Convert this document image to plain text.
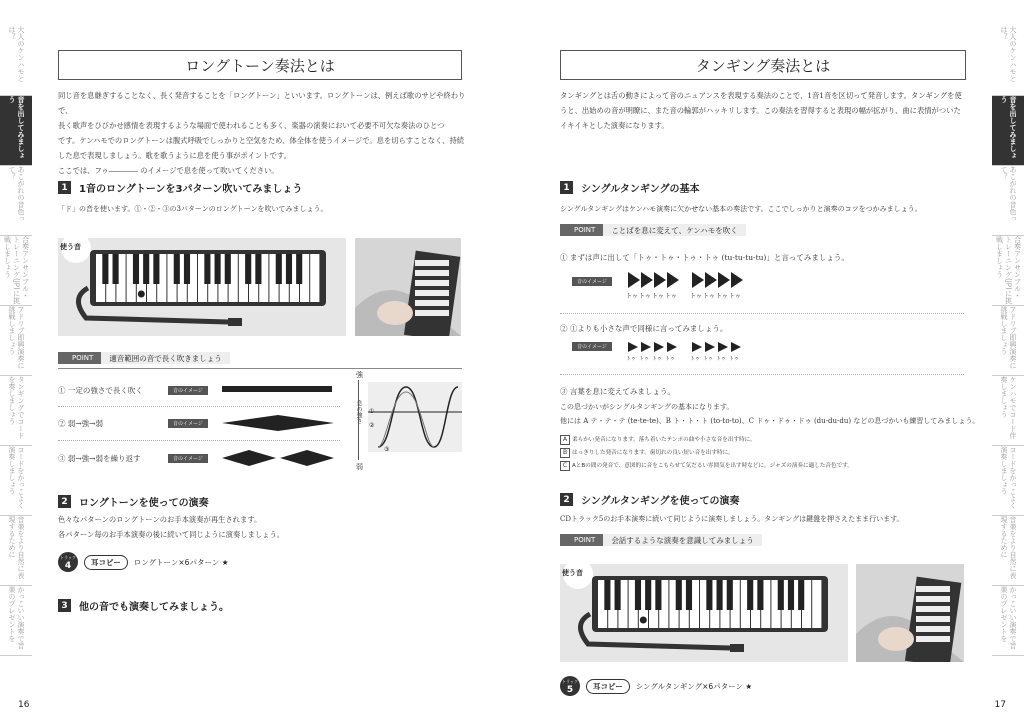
大人のケンハモとは？
音を出してみましょう
あこがれの音色って？
合奏アンサンブル・トレーニング(JP)に挑戦しましょう
アドリブ即興演奏に挑戦しましょう
タンギングでコードを奏しましょう
コードをかっこよく演奏しましょう
音楽をより自然に表現するために
かっこいい演奏で音楽のプレゼントを
大人のケンハモとは？
音を出してみましょう
あこがれの音色って？
合奏アンサンブル・トレーニング(JP)に挑戦しましょう
アドリブ即興演奏に挑戦しましょう
ケンハモでコード伴奏しましょう
コードをかっこよく演奏しましょう
音楽をより自然に表現するために
かっこいい演奏で音楽のプレゼントを
ロングトーン奏法とは
同じ音を息継ぎすることなく、長く発音することを「ロングトーン」といいます。ロングトーンは、例えば歌のサビや終わりで、
長く歌声をひびかせ感情を表現するような場面で使われることも多く、楽器の演奏において必要不可欠な奏法のひとつ
です。ケンハモでのロングトーンは腹式呼吸でしっかりと空気をため、体全体を使うイメージで。息を切らすことなく、持続
した息で表現しましょう。歌を歌うように息を使う事がポイントです。
ここでは、フゥ―――― のイメージで息を使って吹いてください。
1	1音のロングトーンを3パターン吹いてみましょう
「ド」の音を使います。①・②・③の3パターンのロングトーンを吹いてみましょう。
使う音
POINT	適音範囲の音で長く吹きましょう
① 一定の強さで長く吹く	音のイメージ
② 弱→強→弱	音のイメージ
③ 弱→強→弱を繰り返す	音のイメージ
強
弱
①
②
③
2	ロングトーンを使っての演奏
色々なパターンのロングトーンのお手本演奏が再生されます。
各パターン毎のお手本演奏の後に続いて同じように演奏しましょう。
トラック
4	耳コピー	ロングトーン×6パターン ★
3	他の音でも演奏してみましょう。
16
タンギング奏法とは
タンギングとは舌の動きによって音のニュアンスを表現する奏法のことで、1音1音を区切って発音します。タンギングを使
うと、出始めの音が明瞭に、また音の輪郭がハッキリします。この奏法を習得すると表現の幅が拡がり、曲に表情がついた
イキイキとした演奏になります。
1	シングルタンギングの基本
シングルタンギングはケンハモ演奏に欠かせない基本の奏法です。ここでしっかりと演奏のコツをつかみましょう。
POINT	ことばを息に変えて、ケンハモを吹く
① まずは声に出して「トゥ・トゥ・トゥ・トゥ (tu-tu-tu-tu)」と言ってみましょう。
音のイメージ
トゥ トゥ トゥ トゥ	トゥ トゥ トゥ トゥ
② ①よりも小さな声で同様に言ってみましょう。
音のイメージ
トゥ トゥ トゥ トゥ	トゥ トゥ トゥ トゥ
③ 言葉を息に変えてみましょう。
この息づかいがシングルタンギングの基本になります。
他には A テ・テ・テ (te-te-te)、B ト・ト・ト (to-to-to)、C ドゥ・ドゥ・ドゥ (du-du-du) などの息づかいも練習してみましょう。
A 柔らかい発音になります。落ち着いたテンポの曲や小さな音を出す時に。
B はっきりした発音になります。歯切れの良い短い音を出す時に。
C AとBの間の発音で、意図的に音をこもらせて気だるい雰囲気を出す時などに。ジャズの演奏に適した音色です。
2	シングルタンギングを使っての演奏
CDトラック5のお手本演奏に続いて同じように演奏しましょう。タンギングは鍵盤を押さえたまま行います。
POINT	会話するような演奏を意識してみましょう
使う音
トラック
5	耳コピー	シングルタンギング×6パターン ★
17
